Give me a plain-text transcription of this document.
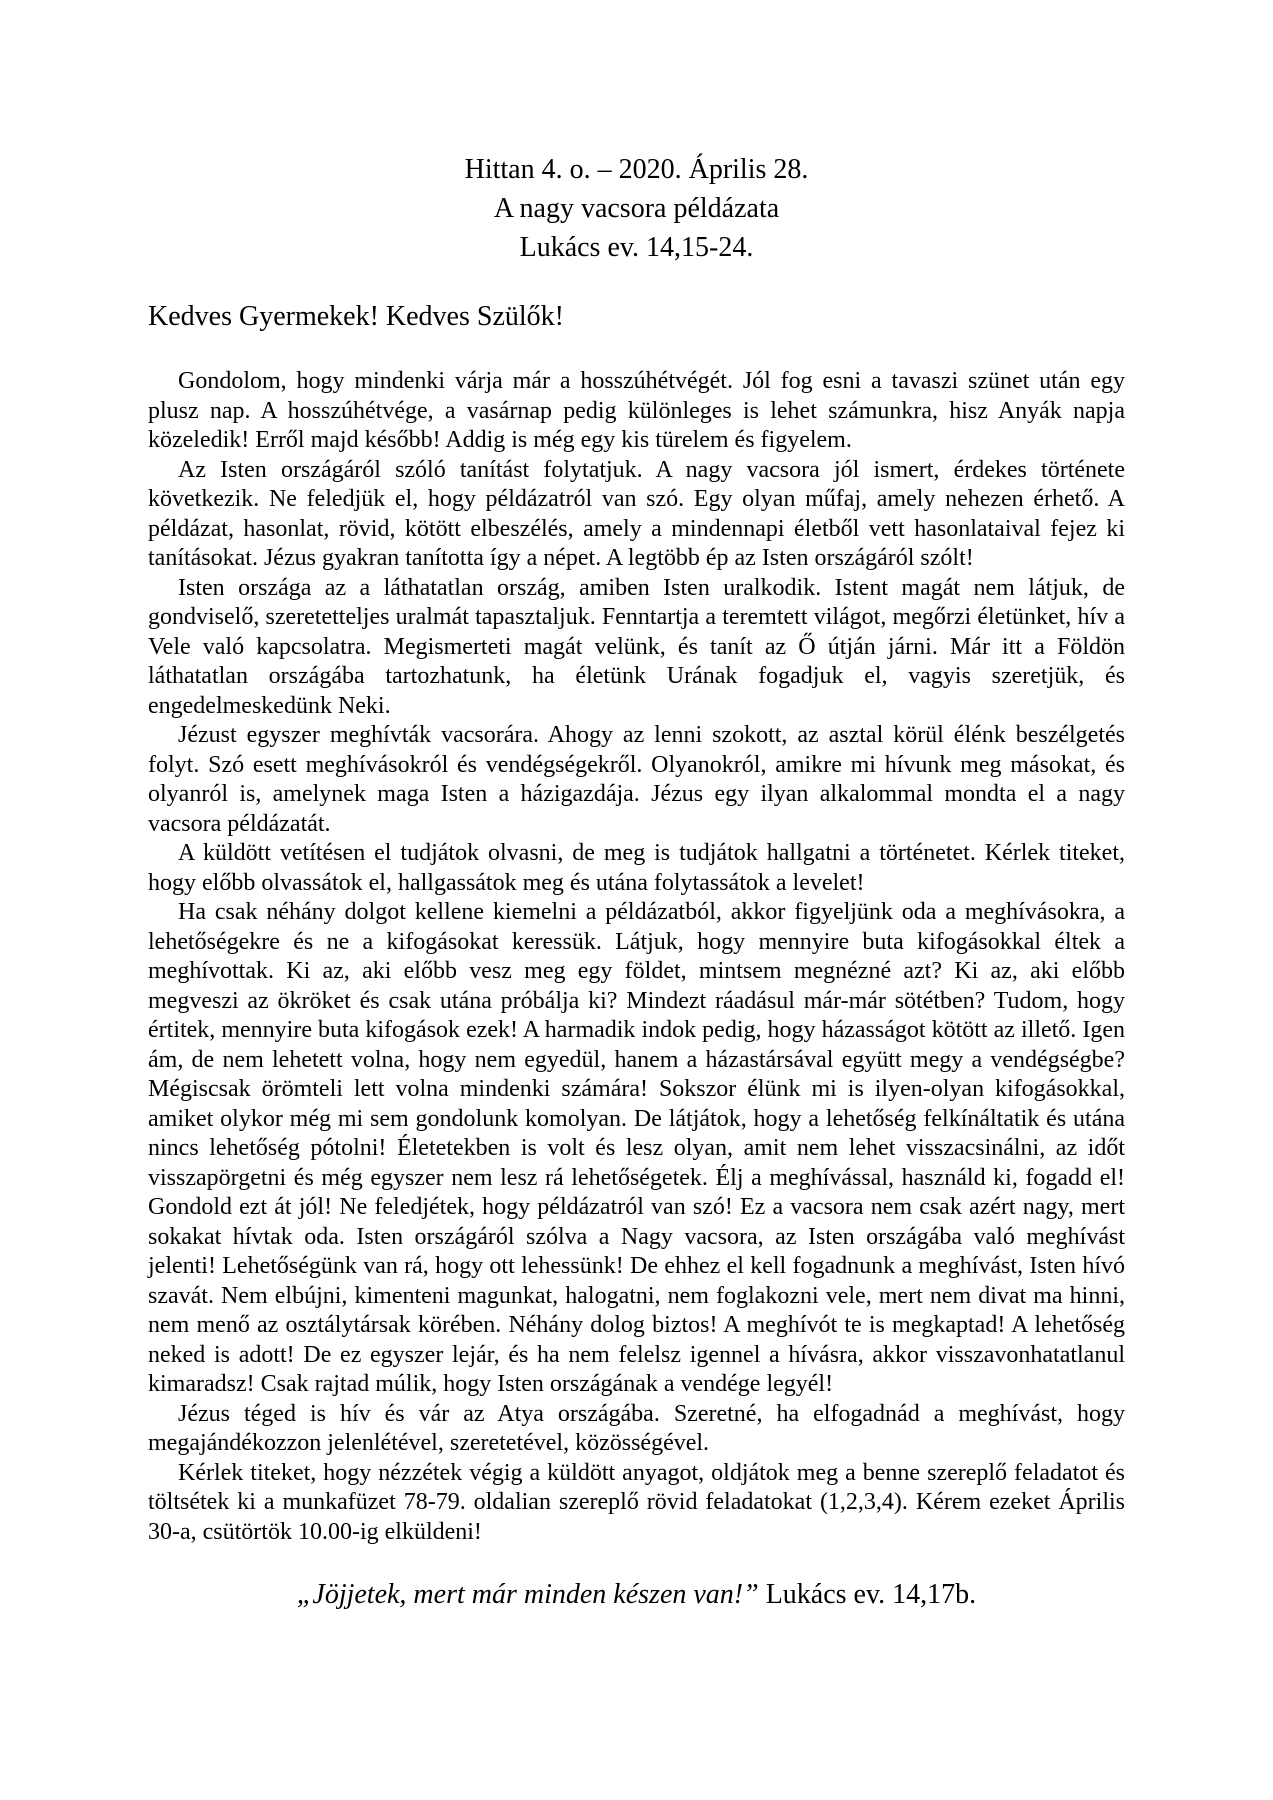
Hittan 4. o. – 2020. Április 28.
A nagy vacsora példázata
Lukács ev. 14,15-24.

Kedves Gyermekek! Kedves Szülők!

Gondolom, hogy mindenki várja már a hosszúhétvégét. Jól fog esni a tavaszi szünet után egy plusz nap. A hosszúhétvége, a vasárnap pedig különleges is lehet számunkra, hisz Anyák napja közeledik! Erről majd később! Addig is még egy kis türelem és figyelem.

Az Isten országáról szóló tanítást folytatjuk. A nagy vacsora jól ismert, érdekes története következik. Ne feledjük el, hogy példázatról van szó. Egy olyan műfaj, amely nehezen érhető. A példázat, hasonlat, rövid, kötött elbeszélés, amely a mindennapi életből vett hasonlataival fejez ki tanításokat. Jézus gyakran tanította így a népet. A legtöbb ép az Isten országáról szólt!

Isten országa az a láthatatlan ország, amiben Isten uralkodik. Istent magát nem látjuk, de gondviselő, szeretetteljes uralmát tapasztaljuk. Fenntartja a teremtett világot, megőrzi életünket, hív a Vele való kapcsolatra. Megismerteti magát velünk, és tanít az Ő útján járni. Már itt a Földön láthatatlan országába tartozhatunk, ha életünk Urának fogadjuk el, vagyis szeretjük, és engedelmeskedünk Neki.

Jézust egyszer meghívták vacsorára. Ahogy az lenni szokott, az asztal körül élénk beszélgetés folyt. Szó esett meghívásokról és vendégségekről. Olyanokról, amikre mi hívunk meg másokat, és olyanról is, amelynek maga Isten a házigazdája. Jézus egy ilyan alkalommal mondta el a nagy vacsora példázatát.

A küldött vetítésen el tudjátok olvasni, de meg is tudjátok hallgatni a történetet. Kérlek titeket, hogy előbb olvassátok el, hallgassátok meg és utána folytassátok a levelet!

Ha csak néhány dolgot kellene kiemelni a példázatból, akkor figyeljünk oda a meghívásokra, a lehetőségekre és ne a kifogásokat keressük. Látjuk, hogy mennyire buta kifogásokkal éltek a meghívottak. Ki az, aki előbb vesz meg egy földet, mintsem megnézné azt? Ki az, aki előbb megveszi az ökröket és csak utána próbálja ki? Mindezt ráadásul már-már sötétben? Tudom, hogy értitek, mennyire buta kifogások ezek! A harmadik indok pedig, hogy házasságot kötött az illető. Igen ám, de nem lehetett volna, hogy nem egyedül, hanem a házastársával együtt megy a vendégségbe? Mégiscsak örömteli lett volna mindenki számára! Sokszor élünk mi is ilyen-olyan kifogásokkal, amiket olykor még mi sem gondolunk komolyan. De látjátok, hogy a lehetőség felkínáltatik és utána nincs lehetőség pótolni! Életetekben is volt és lesz olyan, amit nem lehet visszacsinálni, az időt visszapörgetni és még egyszer nem lesz rá lehetőségetek. Élj a meghívással, használd ki, fogadd el! Gondold ezt át jól! Ne feledjétek, hogy példázatról van szó! Ez a vacsora nem csak azért nagy, mert sokakat hívtak oda. Isten országáról szólva a Nagy vacsora, az Isten országába való meghívást jelenti! Lehetőségünk van rá, hogy ott lehessünk! De ehhez el kell fogadnunk a meghívást, Isten hívó szavát. Nem elbújni, kimenteni magunkat, halogatni, nem foglakozni vele, mert nem divat ma hinni, nem menő az osztálytársak körében. Néhány dolog biztos! A meghívót te is megkaptad! A lehetőség neked is adott! De ez egyszer lejár, és ha nem felelsz igennel a hívásra, akkor visszavonhatatlanul kimaradsz! Csak rajtad múlik, hogy Isten országának a vendége legyél!

Jézus téged is hív és vár az Atya országába. Szeretné, ha elfogadnád a meghívást, hogy megajándékozzon jelenlétével, szeretetével, közösségével.

Kérlek titeket, hogy nézzétek végig a küldött anyagot, oldjátok meg a benne szereplő feladatot és töltsétek ki a munkafüzet 78-79. oldalian szereplő rövid feladatokat (1,2,3,4). Kérem ezeket Április 30-a, csütörtök 10.00-ig elküldeni!

„Jöjjetek, mert már minden készen van!” Lukács ev. 14,17b.
